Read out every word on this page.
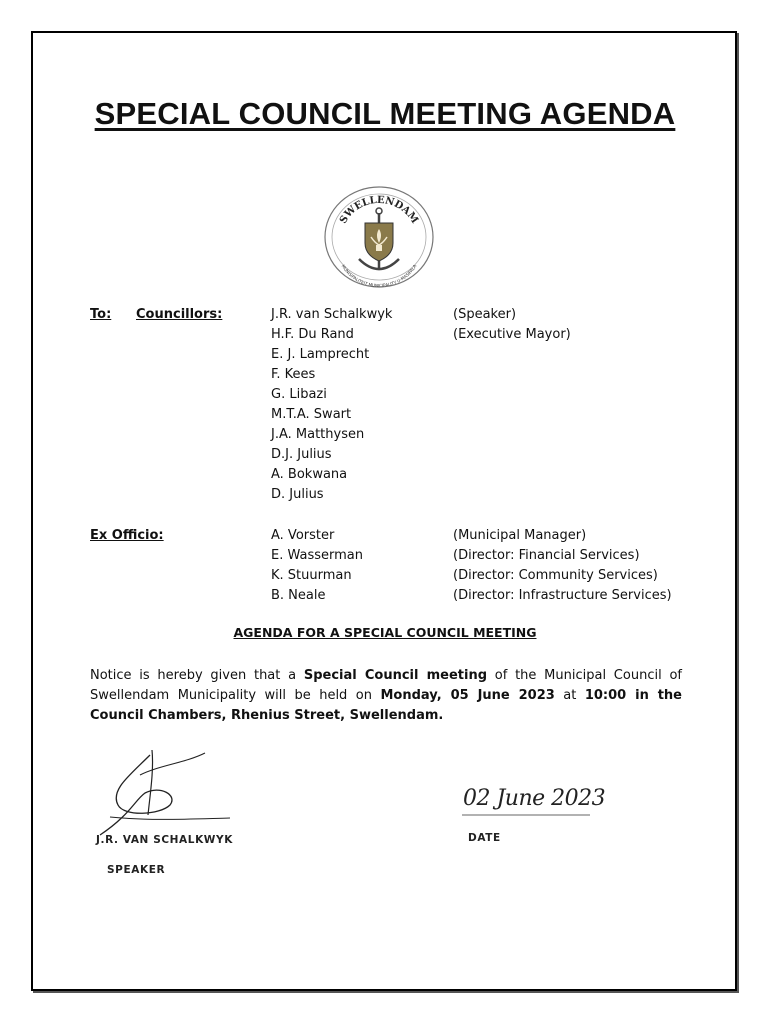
SPECIAL COUNCIL MEETING AGENDA
SWELLENDAM
MUNISIPALITEIT MUNICIPALITY U-MASIPALA
To: Councillors:	J.R. van Schalkwyk	(Speaker)
H.F. Du Rand	(Executive Mayor)
E. J. Lamprecht
F. Kees
G. Libazi
M.T.A. Swart
J.A. Matthysen
D.J. Julius
A. Bokwana
D. Julius
Ex Officio:	A. Vorster	(Municipal Manager)
E. Wasserman	(Director: Financial Services)
K. Stuurman	(Director: Community Services)
B. Neale	(Director: Infrastructure Services)
AGENDA FOR A SPECIAL COUNCIL MEETING
Notice is hereby given that a Special Council meeting of the Municipal Council of Swellendam Municipality will be held on Monday, 05 June 2023 at 10:00 in the Council Chambers, Rhenius Street, Swellendam.
J.R. VAN SCHALKWYK
SPEAKER
02 June 2023
DATE
